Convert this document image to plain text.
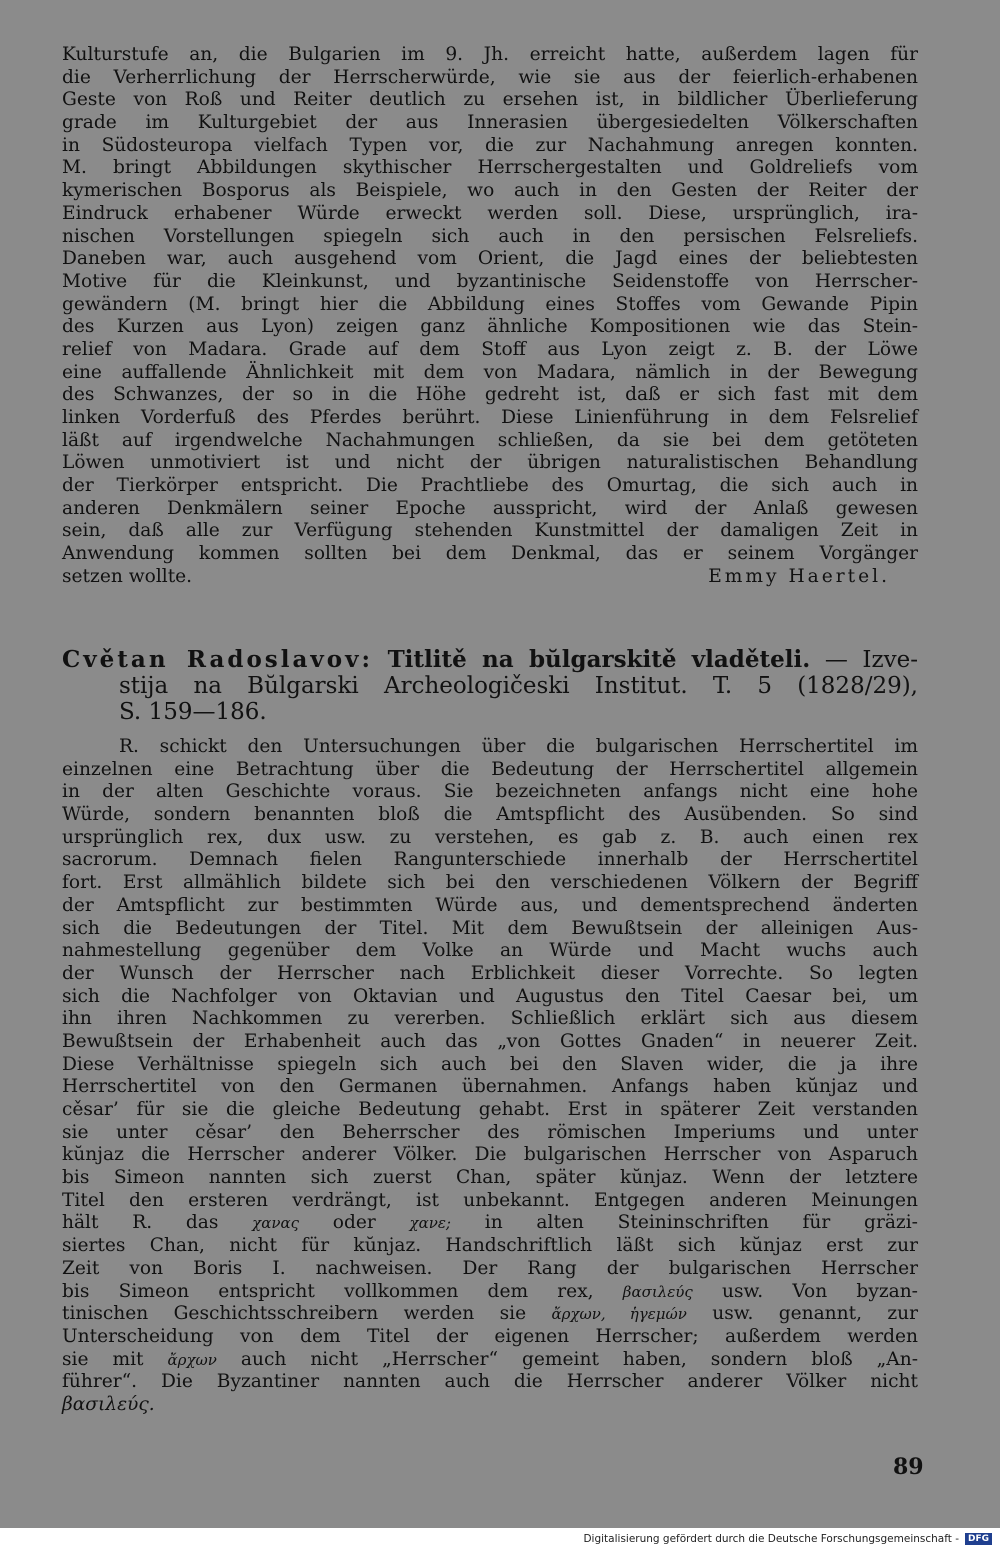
Kulturstufe an, die Bulgarien im 9. Jh. erreicht hatte, außerdem lagen für
die Verherrlichung der Herrscherwürde, wie sie aus der feierlich-erhabenen
Geste von Roß und Reiter deutlich zu ersehen ist, in bildlicher Überlieferung
grade im Kulturgebiet der aus Innerasien übergesiedelten Völkerschaften
in Südosteuropa vielfach Typen vor, die zur Nachahmung anregen konnten.
M. bringt Abbildungen skythischer Herrschergestalten und Goldreliefs vom
kymerischen Bosporus als Beispiele, wo auch in den Gesten der Reiter der
Eindruck erhabener Würde erweckt werden soll. Diese, ursprünglich, ira-
nischen Vorstellungen spiegeln sich auch in den persischen Felsreliefs.
Daneben war, auch ausgehend vom Orient, die Jagd eines der beliebtesten
Motive für die Kleinkunst, und byzantinische Seidenstoffe von Herrscher-
gewändern (M. bringt hier die Abbildung eines Stoffes vom Gewande Pipin
des Kurzen aus Lyon) zeigen ganz ähnliche Kompositionen wie das Stein-
relief von Madara. Grade auf dem Stoff aus Lyon zeigt z. B. der Löwe
eine auffallende Ähnlichkeit mit dem von Madara, nämlich in der Bewegung
des Schwanzes, der so in die Höhe gedreht ist, daß er sich fast mit dem
linken Vorderfuß des Pferdes berührt. Diese Linienführung in dem Felsrelief
läßt auf irgendwelche Nachahmungen schließen, da sie bei dem getöteten
Löwen unmotiviert ist und nicht der übrigen naturalistischen Behandlung
der Tierkörper entspricht. Die Prachtliebe des Omurtag, die sich auch in
anderen Denkmälern seiner Epoche ausspricht, wird der Anlaß gewesen
sein, daß alle zur Verfügung stehenden Kunstmittel der damaligen Zeit in
Anwendung kommen sollten bei dem Denkmal, das er seinem Vorgänger
setzen wollte.	Emmy Haertel.
Cvětan Radoslavov: Titlitě na bŭlgarskitě vladěteli. — Izve-
stija na Bŭlgarski Archeologičeski Institut. T. 5 (1828/29),
S. 159—186.
R. schickt den Untersuchungen über die bulgarischen Herrschertitel im
einzelnen eine Betrachtung über die Bedeutung der Herrschertitel allgemein
in der alten Geschichte voraus. Sie bezeichneten anfangs nicht eine hohe
Würde, sondern benannten bloß die Amtspflicht des Ausübenden. So sind
ursprünglich rex, dux usw. zu verstehen, es gab z. B. auch einen rex
sacrorum. Demnach fielen Rangunterschiede innerhalb der Herrschertitel
fort. Erst allmählich bildete sich bei den verschiedenen Völkern der Begriff
der Amtspflicht zur bestimmten Würde aus, und dementsprechend änderten
sich die Bedeutungen der Titel. Mit dem Bewußtsein der alleinigen Aus-
nahmestellung gegenüber dem Volke an Würde und Macht wuchs auch
der Wunsch der Herrscher nach Erblichkeit dieser Vorrechte. So legten
sich die Nachfolger von Oktavian und Augustus den Titel Caesar bei, um
ihn ihren Nachkommen zu vererben. Schließlich erklärt sich aus diesem
Bewußtsein der Erhabenheit auch das „von Gottes Gnaden“ in neuerer Zeit.
Diese Verhältnisse spiegeln sich auch bei den Slaven wider, die ja ihre
Herrschertitel von den Germanen übernahmen. Anfangs haben kŭnjaz und
cěsar’ für sie die gleiche Bedeutung gehabt. Erst in späterer Zeit verstanden
sie unter cěsar’ den Beherrscher des römischen Imperiums und unter
kŭnjaz die Herrscher anderer Völker. Die bulgarischen Herrscher von Asparuch
bis Simeon nannten sich zuerst Chan, später kŭnjaz. Wenn der letztere
Titel den ersteren verdrängt, ist unbekannt. Entgegen anderen Meinungen
hält R. das χανας oder χανε; in alten Steininschriften für gräzi-
siertes Chan, nicht für kŭnjaz. Handschriftlich läßt sich kŭnjaz erst zur
Zeit von Boris I. nachweisen. Der Rang der bulgarischen Herrscher
bis Simeon entspricht vollkommen dem rex, βασιλεύς usw. Von byzan-
tinischen Geschichtsschreibern werden sie ἄρχων, ἡγεμών usw. genannt, zur
Unterscheidung von dem Titel der eigenen Herrscher; außerdem werden
sie mit ἄρχων auch nicht „Herrscher“ gemeint haben, sondern bloß „An-
führer“. Die Byzantiner nannten auch die Herrscher anderer Völker nicht
βασιλεύς.
89
Digitalisierung gefördert durch die Deutsche Forschungsgemeinschaft -	DFG
